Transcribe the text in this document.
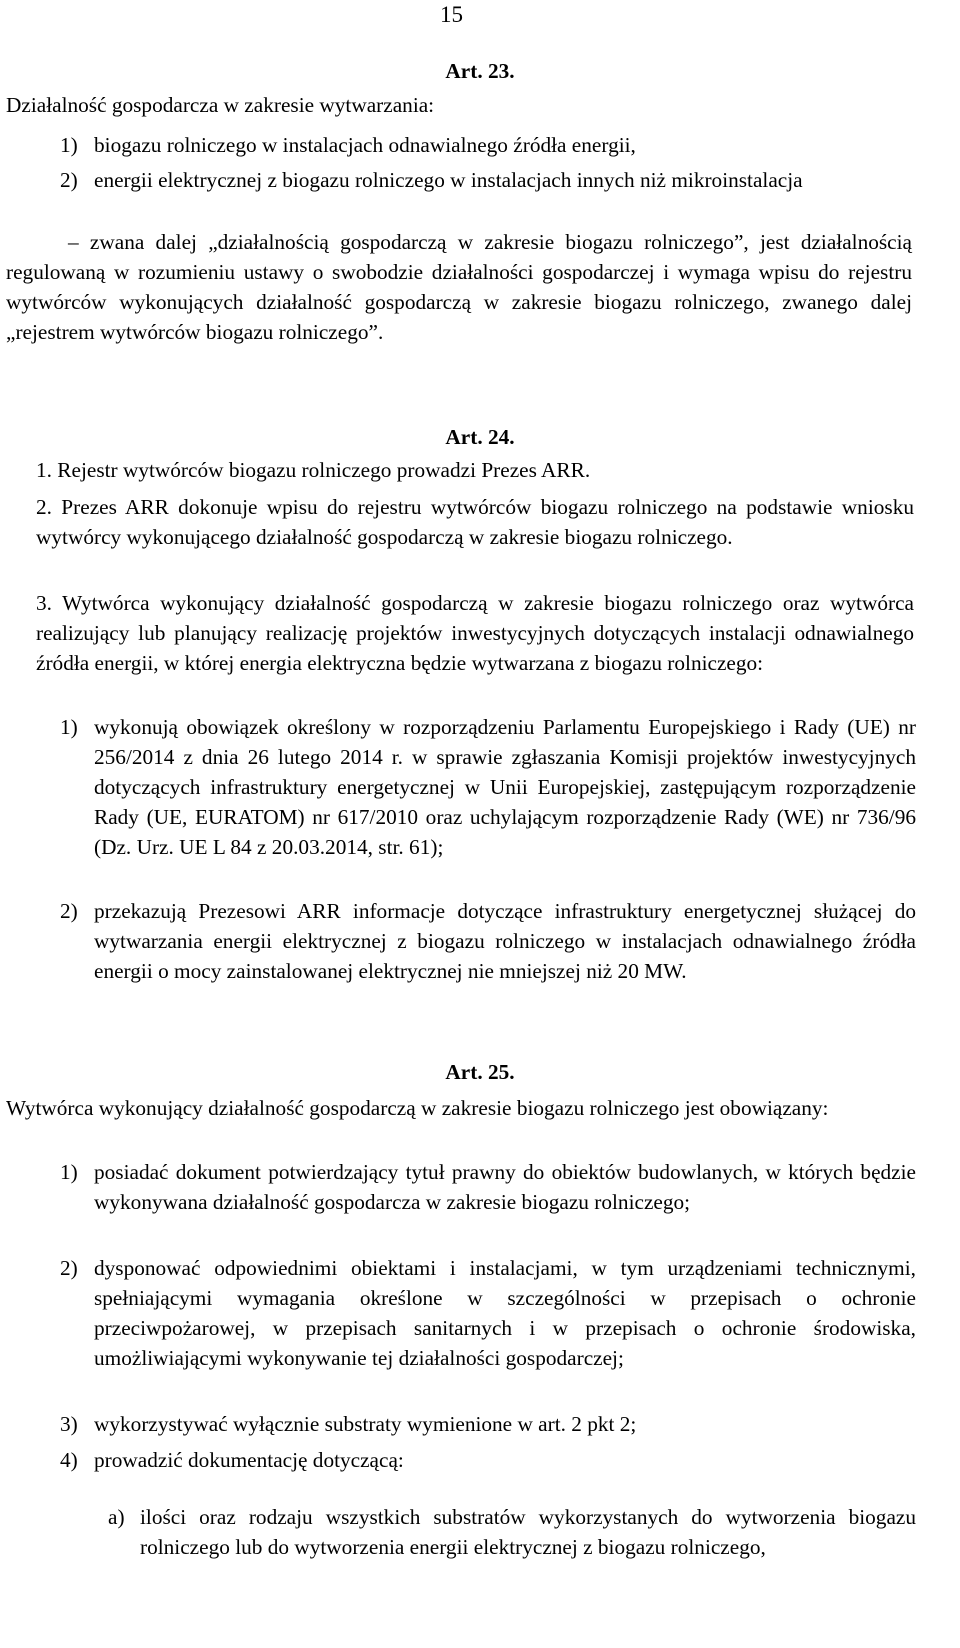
15
Art. 23.
Działalność gospodarcza w zakresie wytwarzania:
1) biogazu rolniczego w instalacjach odnawialnego źródła energii,
2) energii elektrycznej z biogazu rolniczego w instalacjach innych niż mikroinstalacja

– zwana dalej „działalnością gospodarczą w zakresie biogazu rolniczego”, jest działalnością regulowaną w rozumieniu ustawy o swobodzie działalności gospodarczej i wymaga wpisu do rejestru wytwórców wykonujących działalność gospodarczą w zakresie biogazu rolniczego, zwanego dalej „rejestrem wytwórców biogazu rolniczego”.

Art. 24.
1. Rejestr wytwórców biogazu rolniczego prowadzi Prezes ARR.

2. Prezes ARR dokonuje wpisu do rejestru wytwórców biogazu rolniczego na podstawie wniosku wytwórcy wykonującego działalność gospodarczą w zakresie biogazu rolniczego.

3. Wytwórca wykonujący działalność gospodarczą w zakresie biogazu rolniczego oraz wytwórca realizujący lub planujący realizację projektów inwestycyjnych dotyczących instalacji odnawialnego źródła energii, w której energia elektryczna będzie wytwarzana z biogazu rolniczego:

1) wykonują obowiązek określony w rozporządzeniu Parlamentu Europejskiego i Rady (UE) nr 256/2014 z dnia 26 lutego 2014 r. w sprawie zgłaszania Komisji projektów inwestycyjnych dotyczących infrastruktury energetycznej w Unii Europejskiej, zastępującym rozporządzenie Rady (UE, EURATOM) nr 617/2010 oraz uchylającym rozporządzenie Rady (WE) nr 736/96 (Dz. Urz. UE L 84 z 20.03.2014, str. 61);

2) przekazują Prezesowi ARR informacje dotyczące infrastruktury energetycznej służącej do wytwarzania energii elektrycznej z biogazu rolniczego w instalacjach odnawialnego źródła energii o mocy zainstalowanej elektrycznej nie mniejszej niż 20 MW.

Art. 25.

Wytwórca wykonujący działalność gospodarczą w zakresie biogazu rolniczego jest obowiązany:

1) posiadać dokument potwierdzający tytuł prawny do obiektów budowlanych, w których będzie wykonywana działalność gospodarcza w zakresie biogazu rolniczego;

2) dysponować odpowiednimi obiektami i instalacjami, w tym urządzeniami technicznymi, spełniającymi wymagania określone w szczególności w przepisach o ochronie przeciwpożarowej, w przepisach sanitarnych i w przepisach o ochronie środowiska, umożliwiającymi wykonywanie tej działalności gospodarczej;

3) wykorzystywać wyłącznie substraty wymienione w art. 2 pkt 2;
4) prowadzić dokumentację dotyczącą:
a) ilości oraz rodzaju wszystkich substratów wykorzystanych do wytworzenia biogazu rolniczego lub do wytworzenia energii elektrycznej z biogazu rolniczego,
